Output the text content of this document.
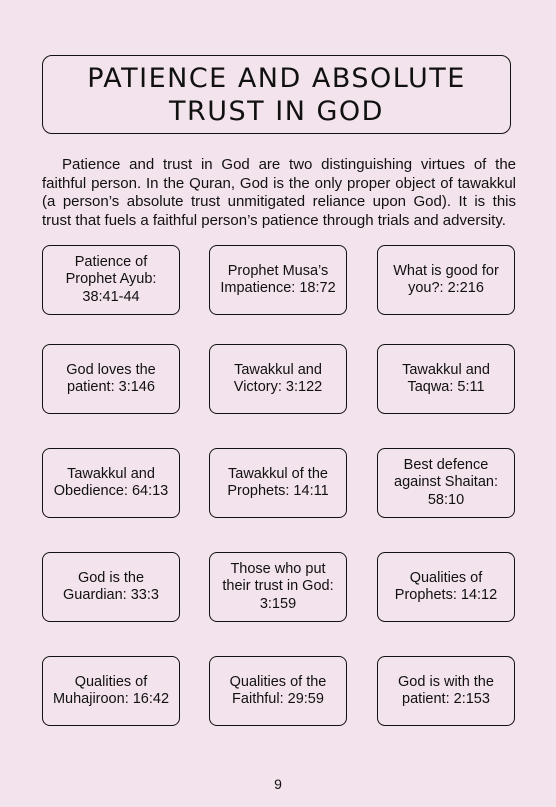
PATIENCE AND ABSOLUTE
TRUST IN GOD

Patience and trust in God are two distinguishing virtues of the faithful person. In the Quran, God is the only proper object of tawakkul (a person’s absolute trust unmitigated reliance upon God). It is this trust that fuels a faithful person’s patience through trials and adversity.

Patience of Prophet Ayub: 38:41-44
Prophet Musa’s Impatience: 18:72
What is good for you?: 2:216
God loves the patient: 3:146
Tawakkul and Victory: 3:122
Tawakkul and Taqwa: 5:11
Tawakkul and Obedience: 64:13
Tawakkul of the Prophets: 14:11
Best defence against Shaitan: 58:10
God is the Guardian: 33:3
Those who put their trust in God: 3:159
Qualities of Prophets: 14:12
Qualities of Muhajiroon: 16:42
Qualities of the Faithful: 29:59
God is with the patient: 2:153
9
